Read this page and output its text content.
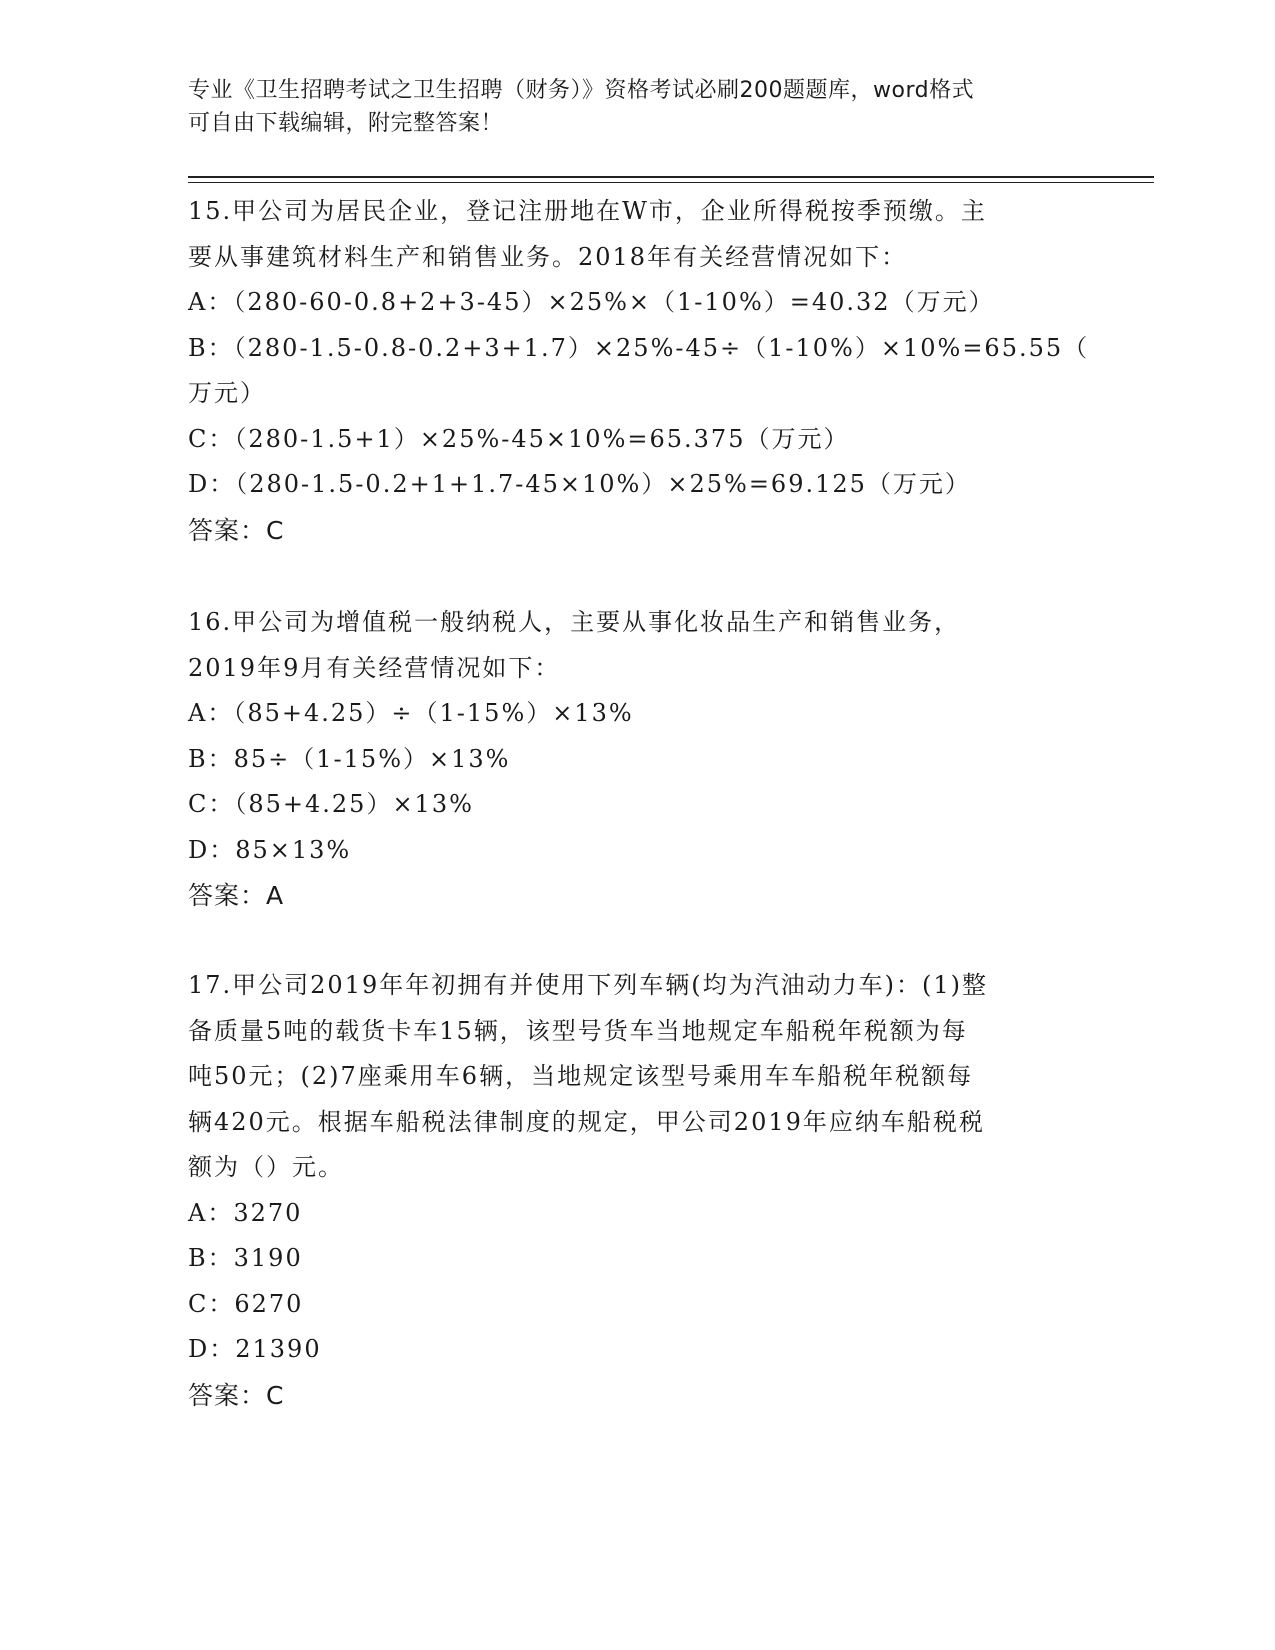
专业《卫生招聘考试之卫生招聘（财务）》资格考试必刷200题题库，word格式
可自由下载编辑，附完整答案！
15.甲公司为居民企业，登记注册地在W市，企业所得税按季预缴。主
要从事建筑材料生产和销售业务。2018年有关经营情况如下：
A：（280-60-0.8+2+3-45）×25%×（1-10%）=40.32（万元）
B：（280-1.5-0.8-0.2+3+1.7）×25%-45÷（1-10%）×10%=65.55（
万元）
C：（280-1.5+1）×25%-45×10%=65.375（万元）
D：（280-1.5-0.2+1+1.7-45×10%）×25%=69.125（万元）
答案：C
16.甲公司为增值税一般纳税人，主要从事化妆品生产和销售业务，
2019年9月有关经营情况如下：
A：（85+4.25）÷（1-15%）×13%
B：85÷（1-15%）×13%
C：（85+4.25）×13%
D：85×13%
答案：A
17.甲公司2019年年初拥有并使用下列车辆(均为汽油动力车)：(1)整
备质量5吨的载货卡车15辆，该型号货车当地规定车船税年税额为每
吨50元；(2)7座乘用车6辆，当地规定该型号乘用车车船税年税额每
辆420元。根据车船税法律制度的规定，甲公司2019年应纳车船税税
额为（）元。
A：3270
B：3190
C：6270
D：21390
答案：C
